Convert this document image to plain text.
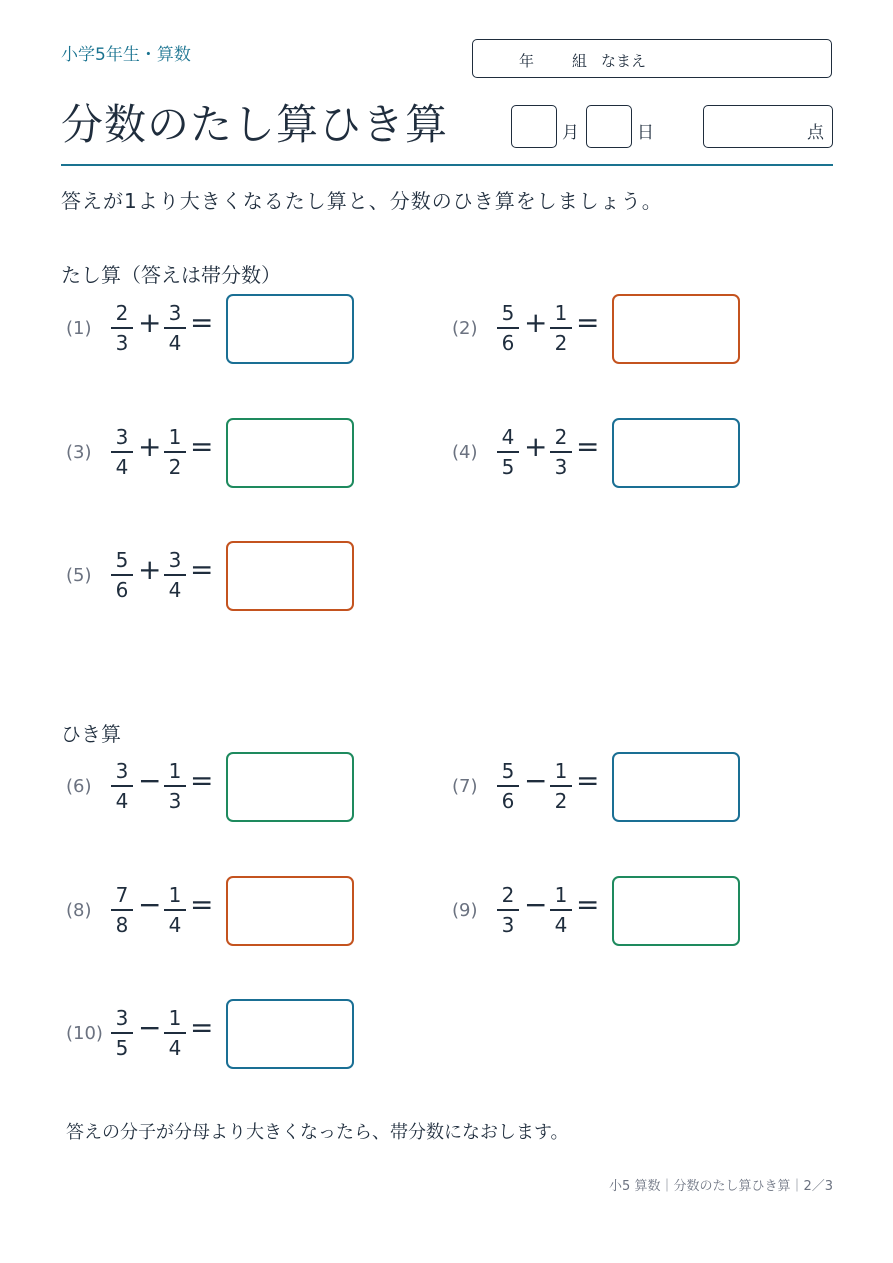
小学5年生・算数	年	組 なまえ
分数のたし算ひき算	月	日	点
答えが1より大きくなるたし算と、分数のひき算をしましょう。
たし算（答えは帯分数）
ひき算
(1)
2
3
+ 3
4
=	(2)
5
6
+ 1
2
=
(3)
3
4
+ 1
2
=	(4)
4
5
+ 2
3
=
(5)
5
6
+ 3
4
=
(6)
3
4
− 1
3
=	(7)
5
6
− 1
2
=
(8)
7
8
− 1
4
=	(9)
2
3
− 1
4
=
(10)
3
5
− 1
4
=
答えの分子が分母より大きくなったら、帯分数になおします。
小5 算数｜分数のたし算ひき算｜2／3
